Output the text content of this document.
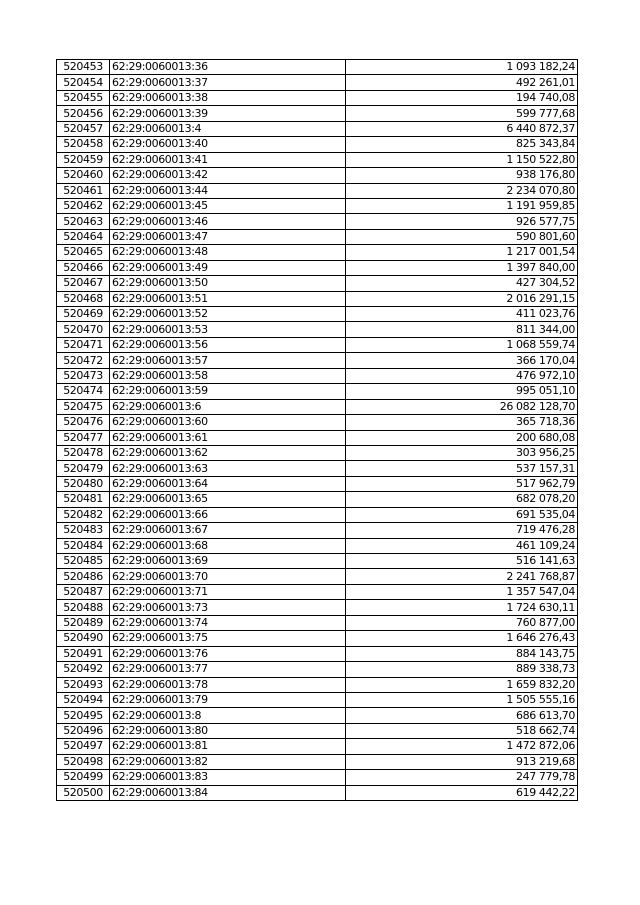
520453	62:29:0060013:36	1 093 182,24
520454	62:29:0060013:37	492 261,01
520455	62:29:0060013:38	194 740,08
520456	62:29:0060013:39	599 777,68
520457	62:29:0060013:4	6 440 872,37
520458	62:29:0060013:40	825 343,84
520459	62:29:0060013:41	1 150 522,80
520460	62:29:0060013:42	938 176,80
520461	62:29:0060013:44	2 234 070,80
520462	62:29:0060013:45	1 191 959,85
520463	62:29:0060013:46	926 577,75
520464	62:29:0060013:47	590 801,60
520465	62:29:0060013:48	1 217 001,54
520466	62:29:0060013:49	1 397 840,00
520467	62:29:0060013:50	427 304,52
520468	62:29:0060013:51	2 016 291,15
520469	62:29:0060013:52	411 023,76
520470	62:29:0060013:53	811 344,00
520471	62:29:0060013:56	1 068 559,74
520472	62:29:0060013:57	366 170,04
520473	62:29:0060013:58	476 972,10
520474	62:29:0060013:59	995 051,10
520475	62:29:0060013:6	26 082 128,70
520476	62:29:0060013:60	365 718,36
520477	62:29:0060013:61	200 680,08
520478	62:29:0060013:62	303 956,25
520479	62:29:0060013:63	537 157,31
520480	62:29:0060013:64	517 962,79
520481	62:29:0060013:65	682 078,20
520482	62:29:0060013:66	691 535,04
520483	62:29:0060013:67	719 476,28
520484	62:29:0060013:68	461 109,24
520485	62:29:0060013:69	516 141,63
520486	62:29:0060013:70	2 241 768,87
520487	62:29:0060013:71	1 357 547,04
520488	62:29:0060013:73	1 724 630,11
520489	62:29:0060013:74	760 877,00
520490	62:29:0060013:75	1 646 276,43
520491	62:29:0060013:76	884 143,75
520492	62:29:0060013:77	889 338,73
520493	62:29:0060013:78	1 659 832,20
520494	62:29:0060013:79	1 505 555,16
520495	62:29:0060013:8	686 613,70
520496	62:29:0060013:80	518 662,74
520497	62:29:0060013:81	1 472 872,06
520498	62:29:0060013:82	913 219,68
520499	62:29:0060013:83	247 779,78
520500	62:29:0060013:84	619 442,22
